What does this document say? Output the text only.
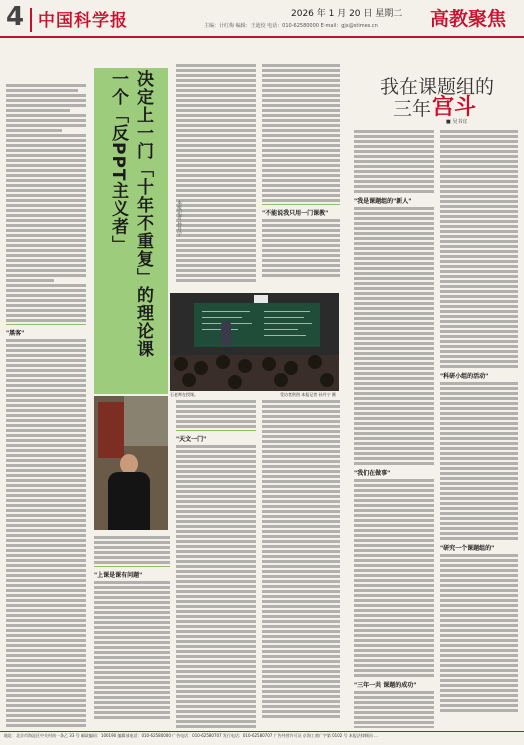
4 中国科学报	2026 年 1 月 20 日 星期二
主编：计红梅 编辑：王迪佼 电话：010-62580000 E-mail：gjx@stimes.cn	高教聚焦
"黑客"	决定上一门「十年不重复」的理论课
一个「反PPT主义者」	"不能说我只用一门课教"
石老师在授课。	受访者供图 本报记者 孙丹宁 摄
"天文一门"
"上课是课有问题"
我在课题组的
三年 宫斗
■ 吴书宜
"我是课题组的"新人"
"我们在做事"
"三年一共 课题的成功"
"科研小组的活动"
"研究一个课题组的"
地址：北京市海淀区中关村南一条乙 33 号 邮政编码：100190 编辑部电话：010-62580000 广告电话：010-62580707 发行电话：010-62580707 广告经营许可证 京海工商广字第 0102 号 本报法律顾问 ...
